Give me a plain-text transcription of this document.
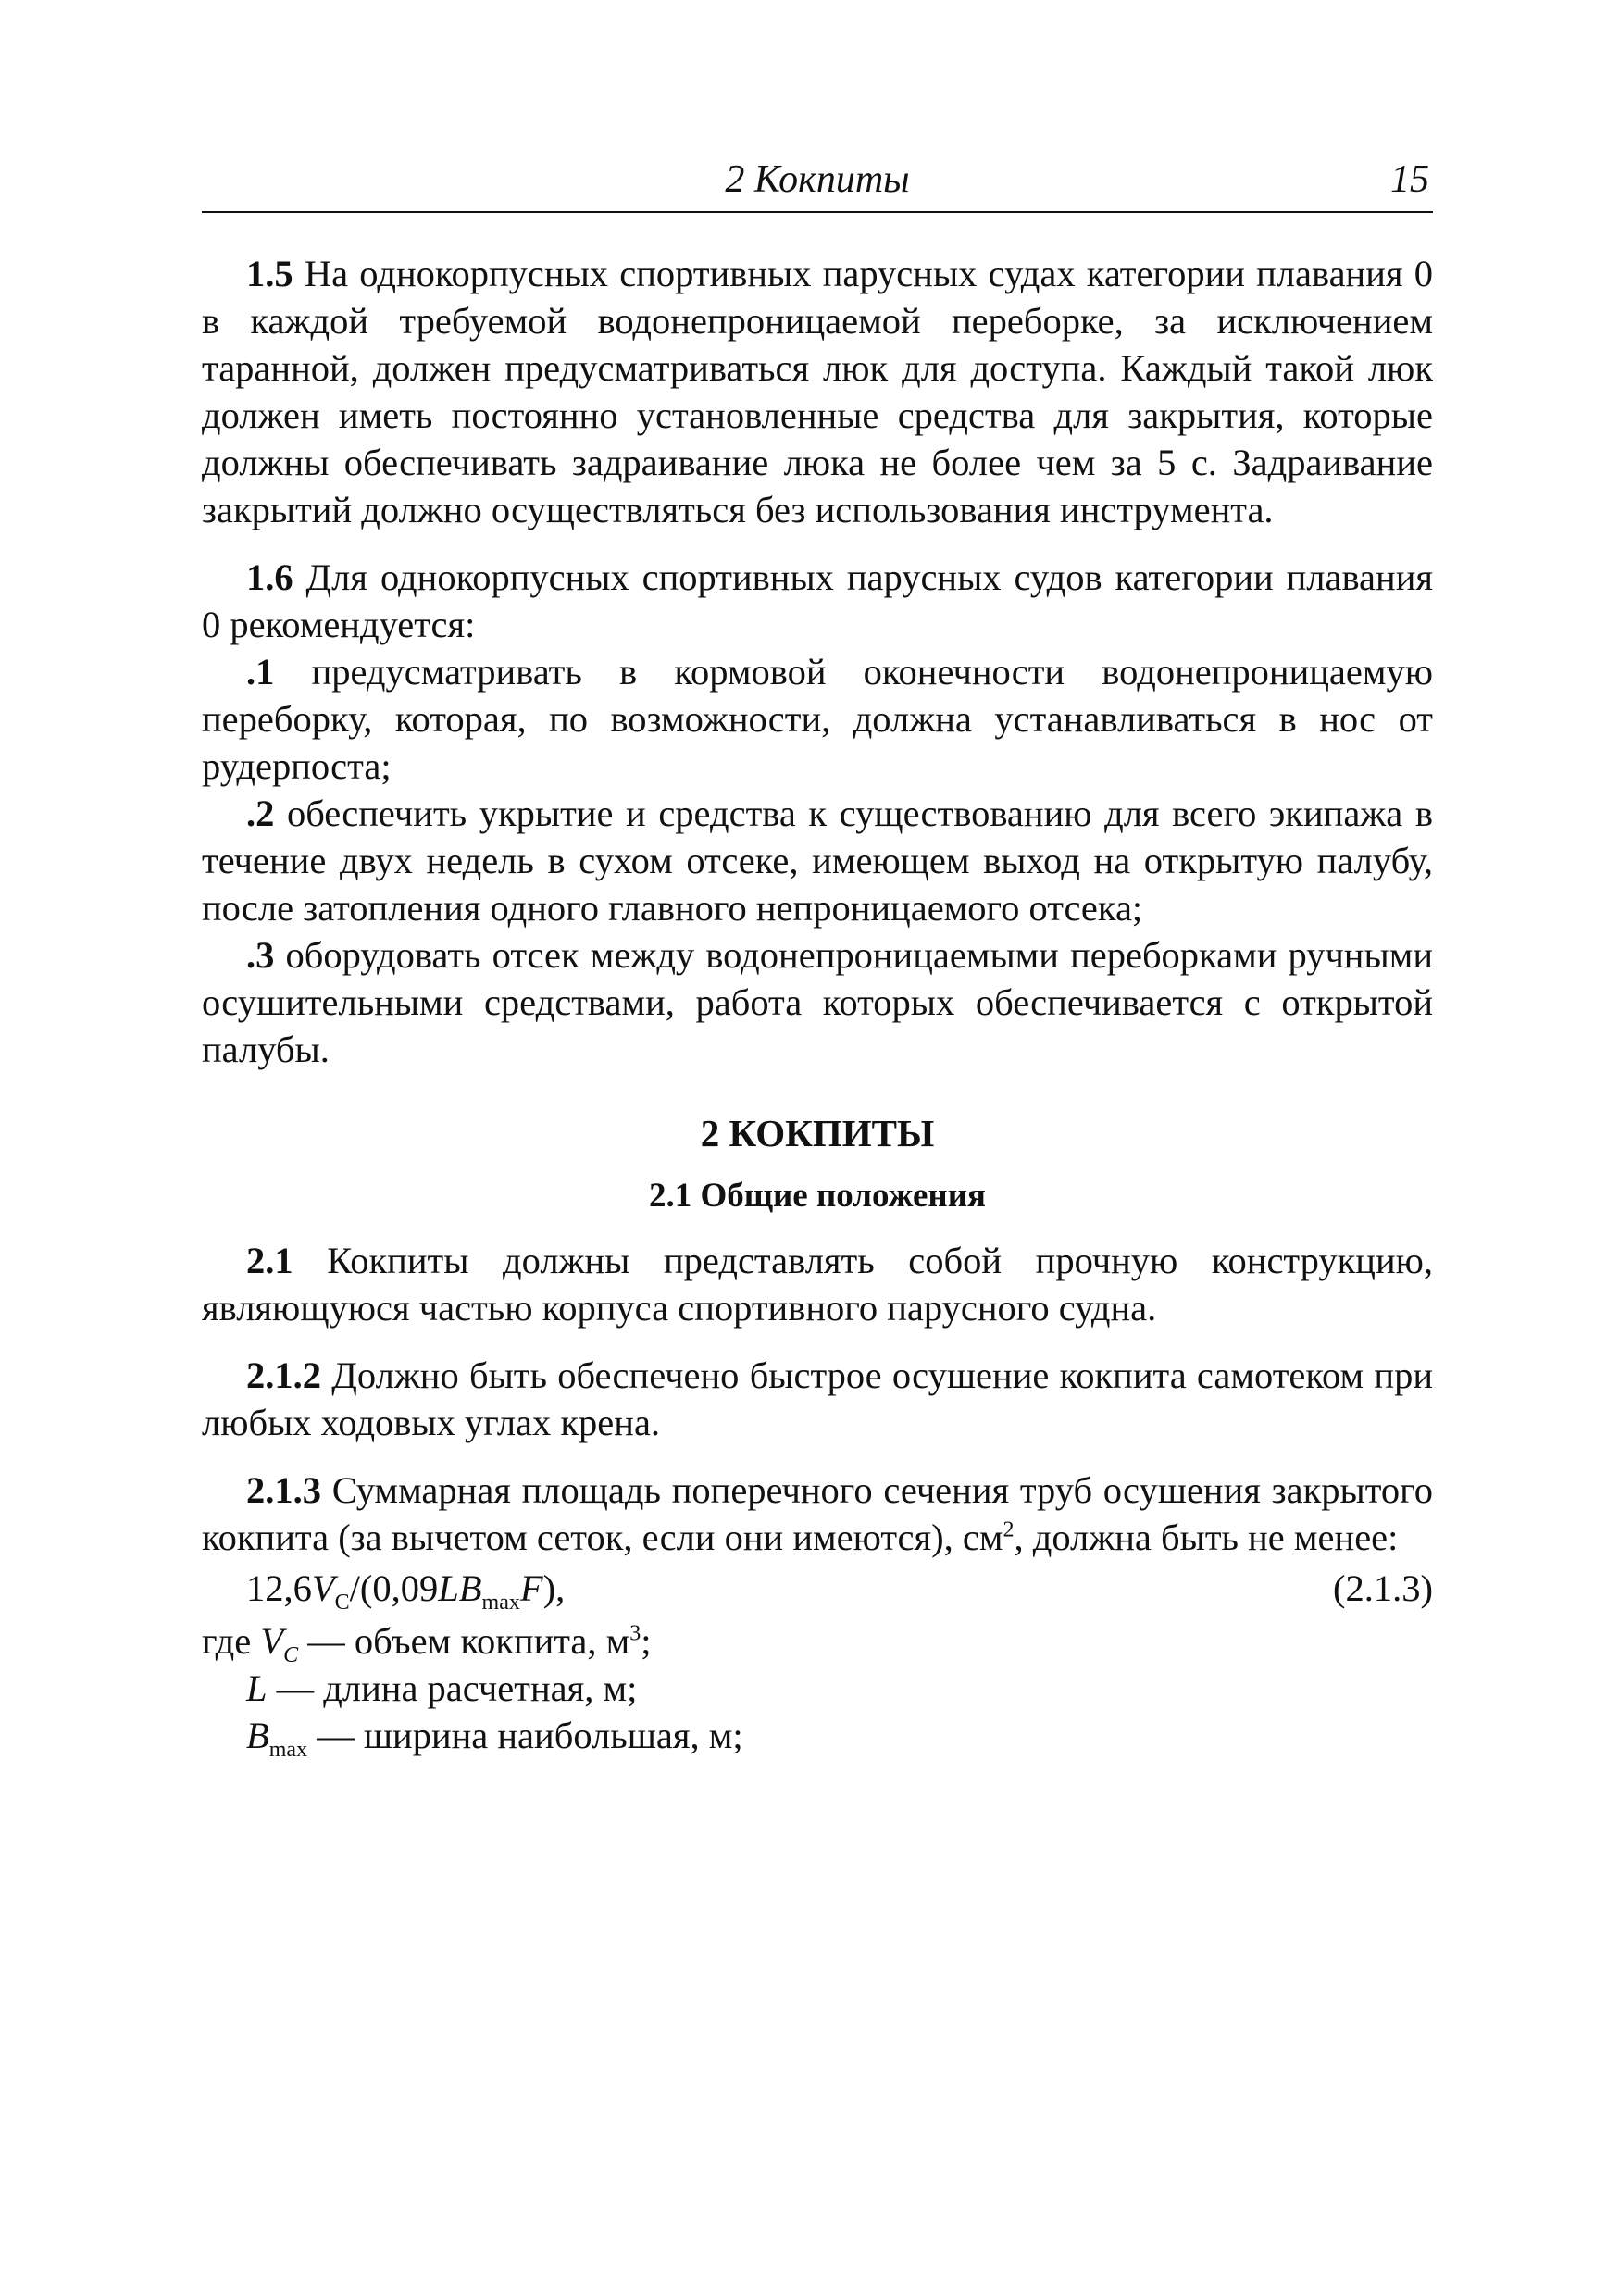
2 Кокпиты	15

1.5 На однокорпусных спортивных парусных судах категории плавания 0 в каждой требуемой водонепроницаемой переборке, за исключением таранной, должен предусматриваться люк для доступа. Каждый такой люк должен иметь постоянно установленные средства для закрытия, которые должны обеспечивать задраивание люка не более чем за 5 с. Задраивание закрытий должно осуществляться без использования инструмента.

1.6 Для однокорпусных спортивных парусных судов категории плавания 0 рекомендуется:

.1 предусматривать в кормовой оконечности водонепроницаемую переборку, которая, по возможности, должна устанавливаться в нос от рудерпоста;

.2 обеспечить укрытие и средства к существованию для всего экипажа в течение двух недель в сухом отсеке, имеющем выход на открытую палубу, после затопления одного главного непроницаемого отсека;

.3 оборудовать отсек между водонепроницаемыми переборками ручными осушительными средствами, работа которых обеспечивается с открытой палубы.

2 КОКПИТЫ
2.1 Общие положения

2.1 Кокпиты должны представлять собой прочную конструкцию, являющуюся частью корпуса спортивного парусного судна.

2.1.2 Должно быть обеспечено быстрое осушение кокпита самотеком при любых ходовых углах крена.

2.1.3 Суммарная площадь поперечного сечения труб осушения закрытого кокпита (за вычетом сеток, если они имеются), $см^2$, должна быть не менее:

$12,6V_C/(0,09LB_{max}F)$,	(2.1.3)

где $V_C$ — объем кокпита, $м^3$;

L — длина расчетная, м;

$B_{max}$ — ширина наибольшая, м;
